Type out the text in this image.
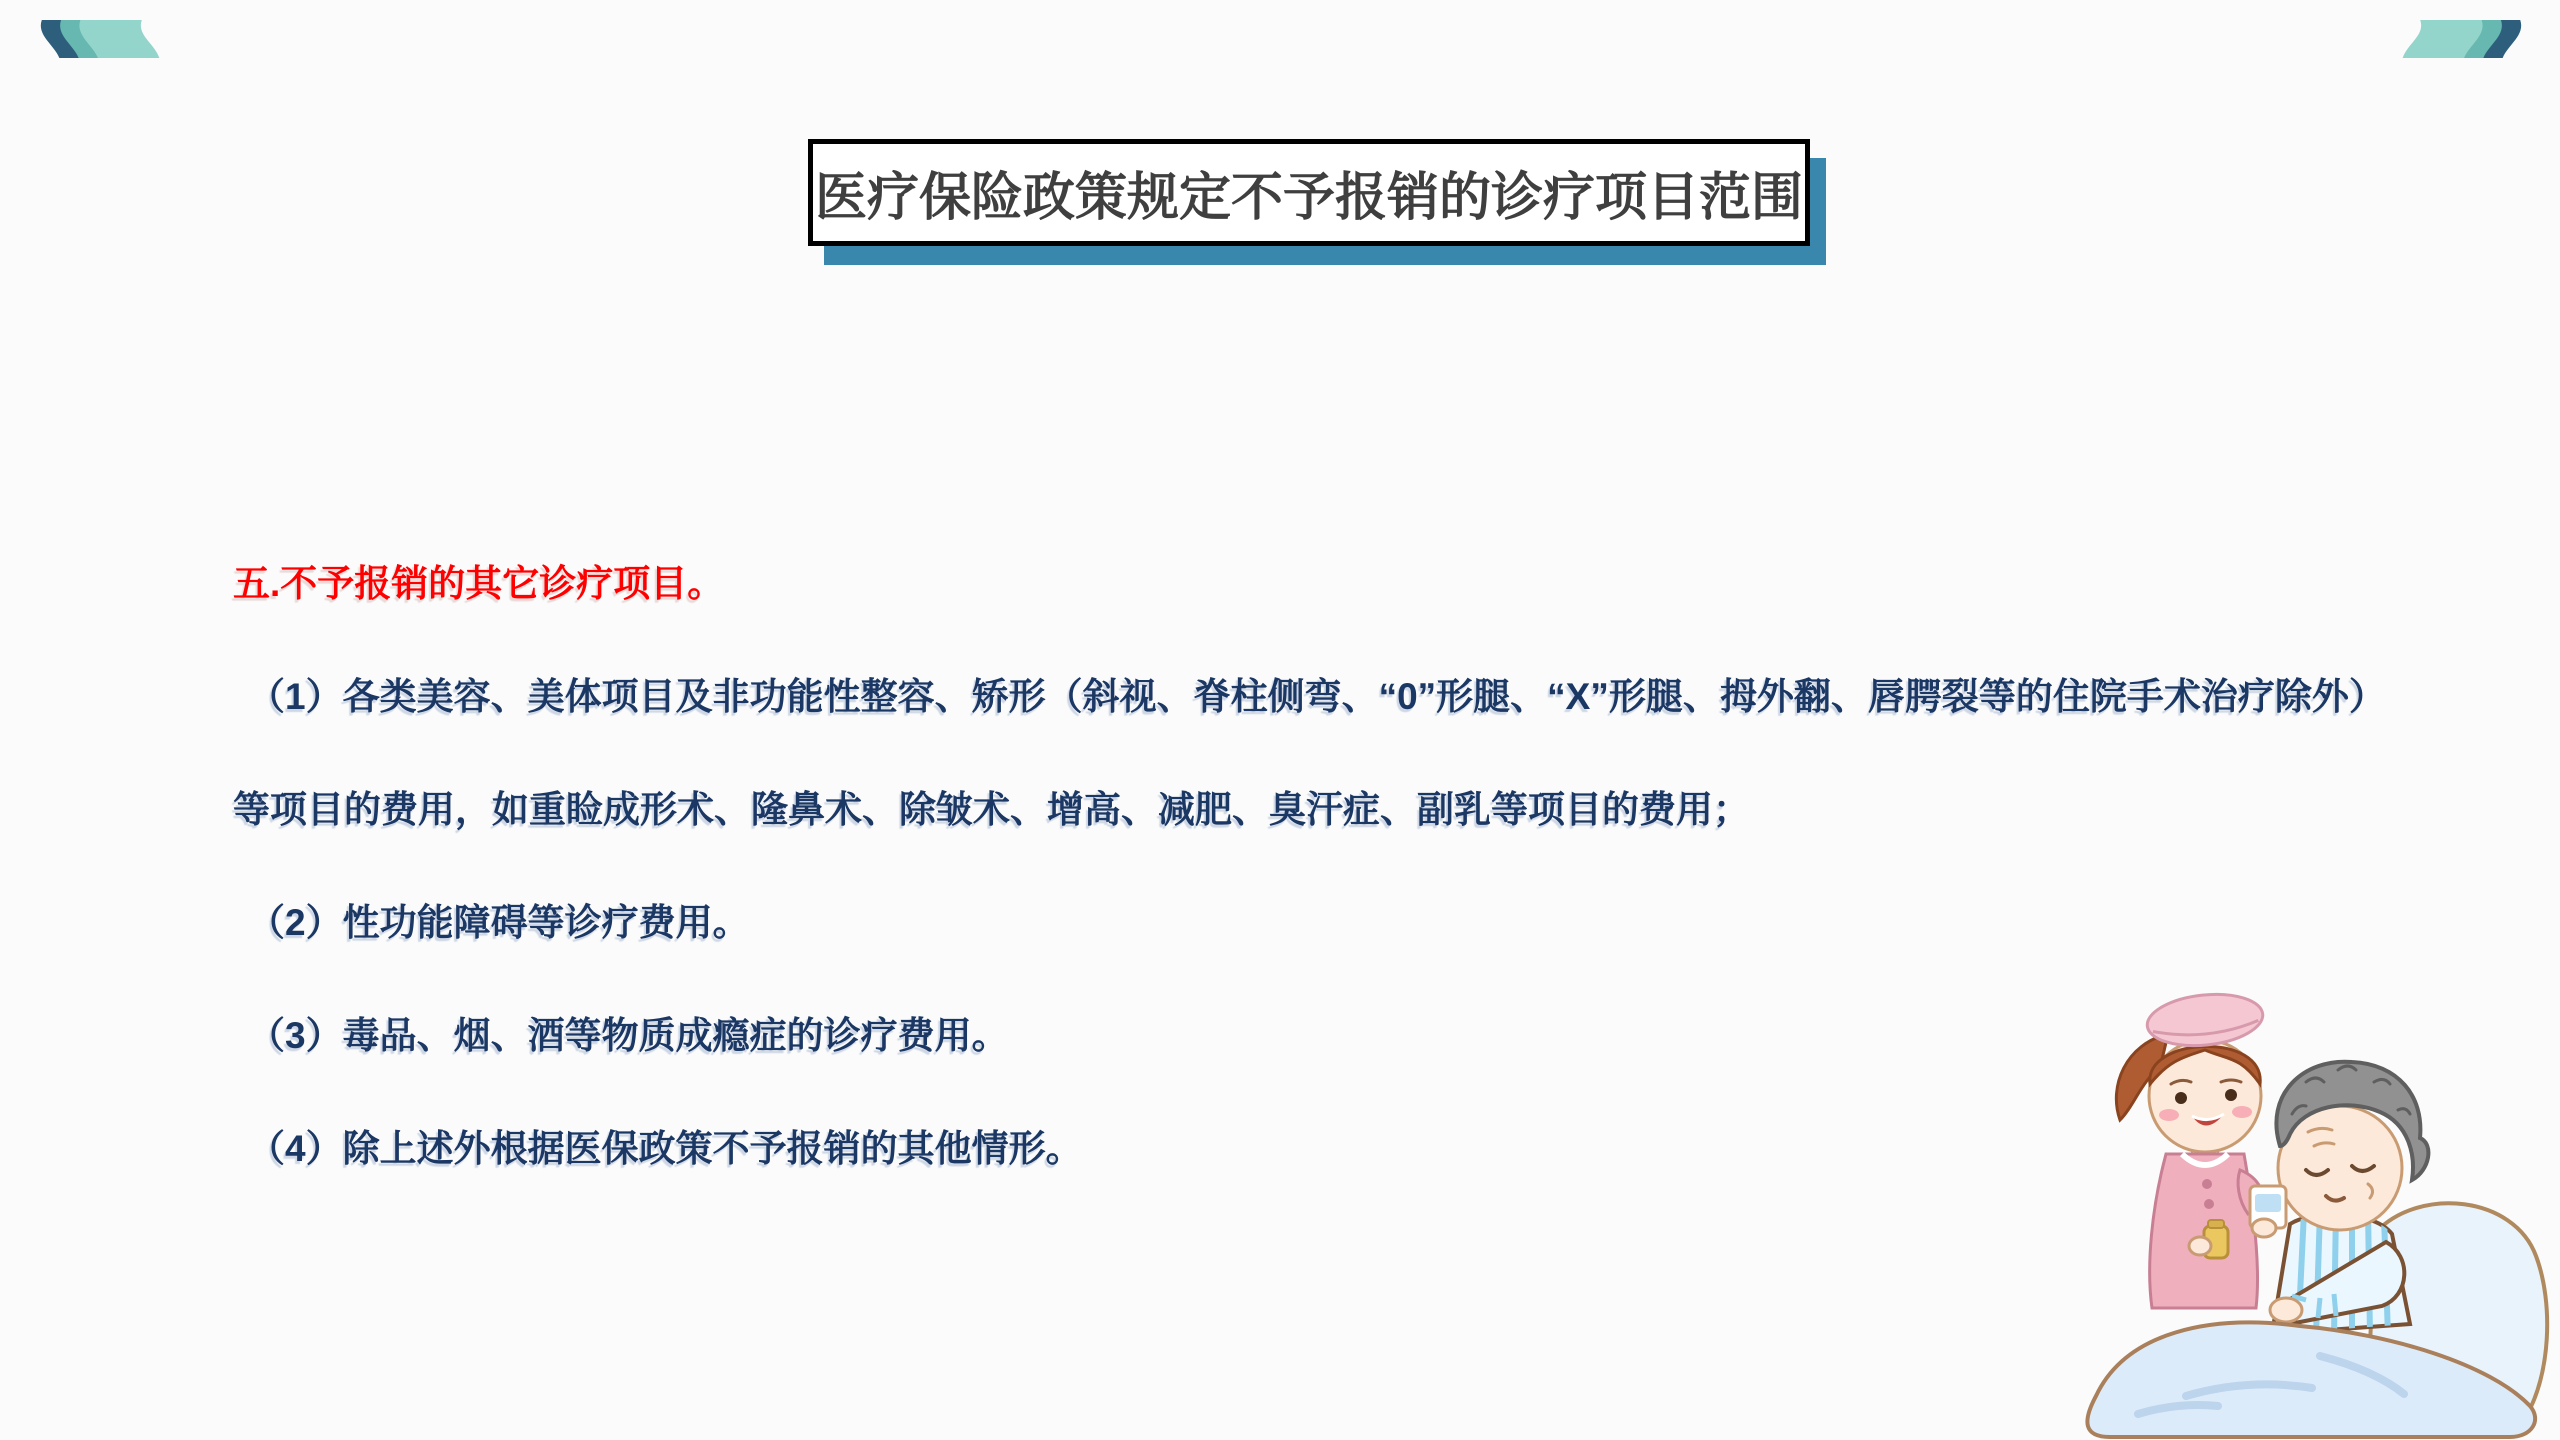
医疗保险政策规定不予报销的诊疗项目范围
五.不予报销的其它诊疗项目。
（1）各类美容、美体项目及非功能性整容、矫形（斜视、脊柱侧弯、“0”形腿、“X”形腿、拇外翻、唇腭裂等的住院手术治疗除外）
等项目的费用，如重睑成形术、隆鼻术、除皱术、增高、减肥、臭汗症、副乳等项目的费用；
（2）性功能障碍等诊疗费用。
（3）毒品、烟、酒等物质成瘾症的诊疗费用。
（4）除上述外根据医保政策不予报销的其他情形。
